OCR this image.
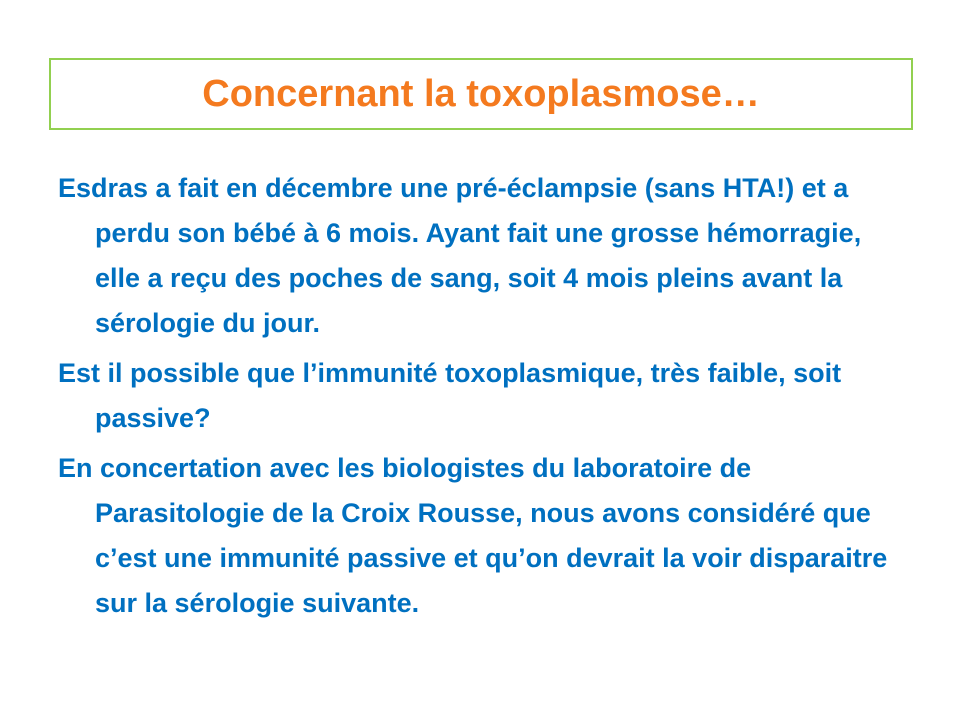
Concernant la toxoplasmose…

Esdras a fait en décembre une pré-éclampsie (sans HTA!) et a perdu son bébé à 6 mois. Ayant fait une grosse hémorragie, elle a reçu des poches de sang, soit 4 mois pleins avant la sérologie du jour.

Est il possible que l’immunité toxoplasmique, très faible, soit passive?

En concertation avec les biologistes du laboratoire de Parasitologie de la Croix Rousse, nous avons considéré que c’est une immunité passive et qu’on devrait la voir disparaitre sur la sérologie suivante.
